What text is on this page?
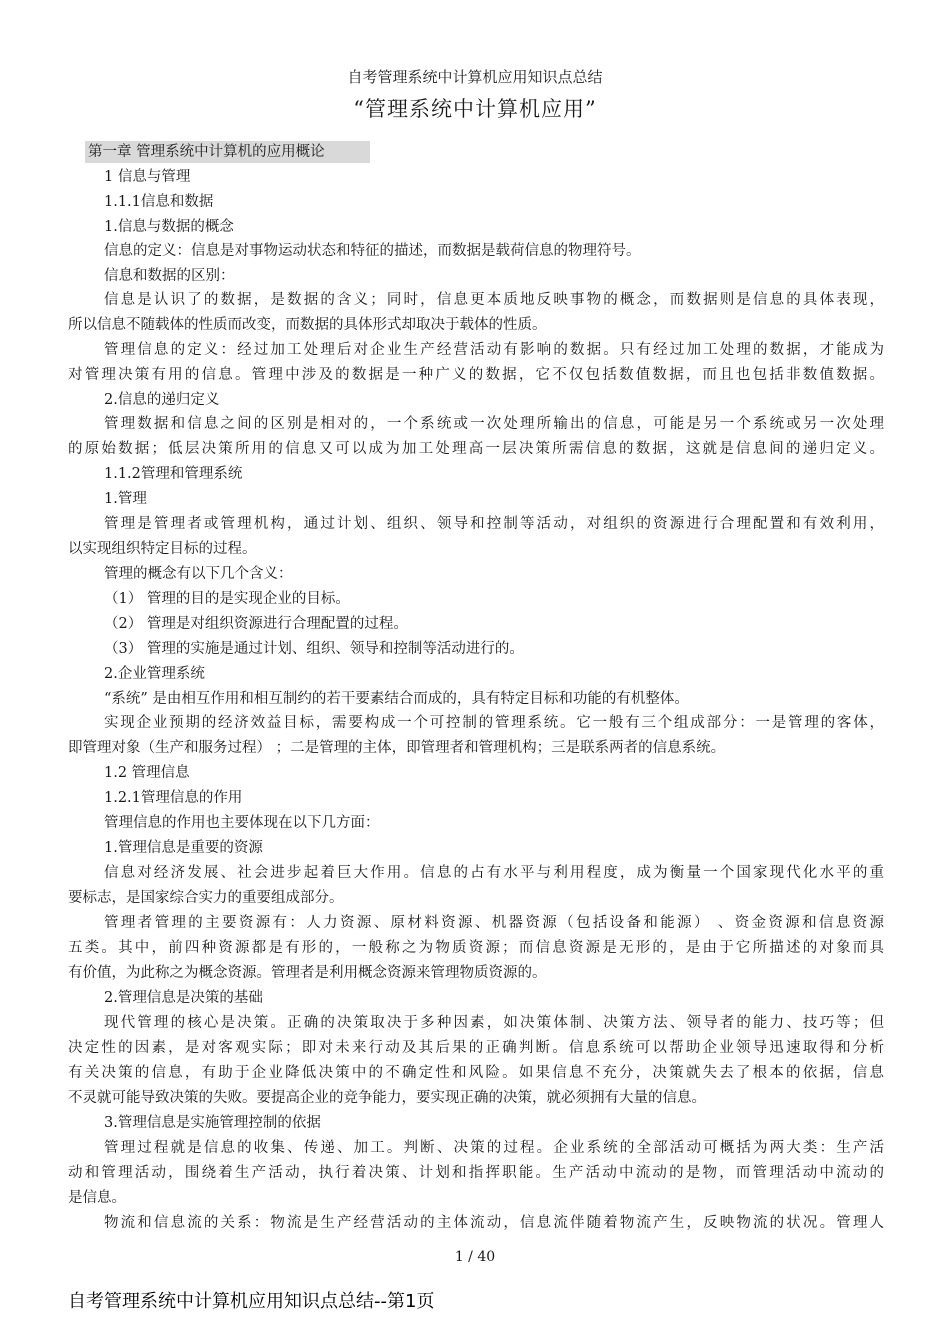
自考管理系统中计算机应用知识点总结
“管理系统中计算机应用”
第一章 管理系统中计算机的应用概论
1 信息与管理
1.1.1信息和数据
1.信息与数据的概念
信息的定义：信息是对事物运动状态和特征的描述，而数据是载荷信息的物理符号。
信息和数据的区别：
信息是认识了的数据，是数据的含义；同时，信息更本质地反映事物的概念，而数据则是信息的具体表现，
所以信息不随载体的性质而改变，而数据的具体形式却取决于载体的性质。
管理信息的定义：经过加工处理后对企业生产经营活动有影响的数据。只有经过加工处理的数据，才能成为
对管理决策有用的信息。管理中涉及的数据是一种广义的数据，它不仅包括数值数据，而且也包括非数值数据。
2.信息的递归定义
管理数据和信息之间的区别是相对的，一个系统或一次处理所输出的信息，可能是另一个系统或另一次处理
的原始数据；低层决策所用的信息又可以成为加工处理高一层决策所需信息的数据，这就是信息间的递归定义。
1.1.2管理和管理系统
1.管理
管理是管理者或管理机构，通过计划、组织、领导和控制等活动，对组织的资源进行合理配置和有效利用，
以实现组织特定目标的过程。
管理的概念有以下几个含义：
（1） 管理的目的是实现企业的目标。
（2） 管理是对组织资源进行合理配置的过程。
（3） 管理的实施是通过计划、组织、领导和控制等活动进行的。
2.企业管理系统
“系统” 是由相互作用和相互制约的若干要素结合而成的，具有特定目标和功能的有机整体。
实现企业预期的经济效益目标，需要构成一个可控制的管理系统。它一般有三个组成部分：一是管理的客体，
即管理对象（生产和服务过程） ；二是管理的主体，即管理者和管理机构；三是联系两者的信息系统。
1.2 管理信息
1.2.1管理信息的作用
管理信息的作用也主要体现在以下几方面：
1.管理信息是重要的资源
信息对经济发展、社会进步起着巨大作用。信息的占有水平与利用程度，成为衡量一个国家现代化水平的重
要标志，是国家综合实力的重要组成部分。
管理者管理的主要资源有：人力资源、原材料资源、机器资源（包括设备和能源） 、资金资源和信息资源
五类。其中，前四种资源都是有形的，一般称之为物质资源；而信息资源是无形的，是由于它所描述的对象而具
有价值，为此称之为概念资源。管理者是利用概念资源来管理物质资源的。
2.管理信息是决策的基础
现代管理的核心是决策。正确的决策取决于多种因素，如决策体制、决策方法、领导者的能力、技巧等；但
决定性的因素，是对客观实际；即对未来行动及其后果的正确判断。信息系统可以帮助企业领导迅速取得和分析
有关决策的信息，有助于企业降低决策中的不确定性和风险。如果信息不充分，决策就失去了根本的依据，信息
不灵就可能导致决策的失败。要提高企业的竞争能力，要实现正确的决策，就必须拥有大量的信息。
3.管理信息是实施管理控制的依据
管理过程就是信息的收集、传递、加工。判断、决策的过程。企业系统的全部活动可概括为两大类：生产活
动和管理活动，围绕着生产活动，执行着决策、计划和指挥职能。生产活动中流动的是物，而管理活动中流动的
是信息。
物流和信息流的关系：物流是生产经营活动的主体流动，信息流伴随着物流产生，反映物流的状况。管理人
1 / 40
自考管理系统中计算机应用知识点总结--第1页
